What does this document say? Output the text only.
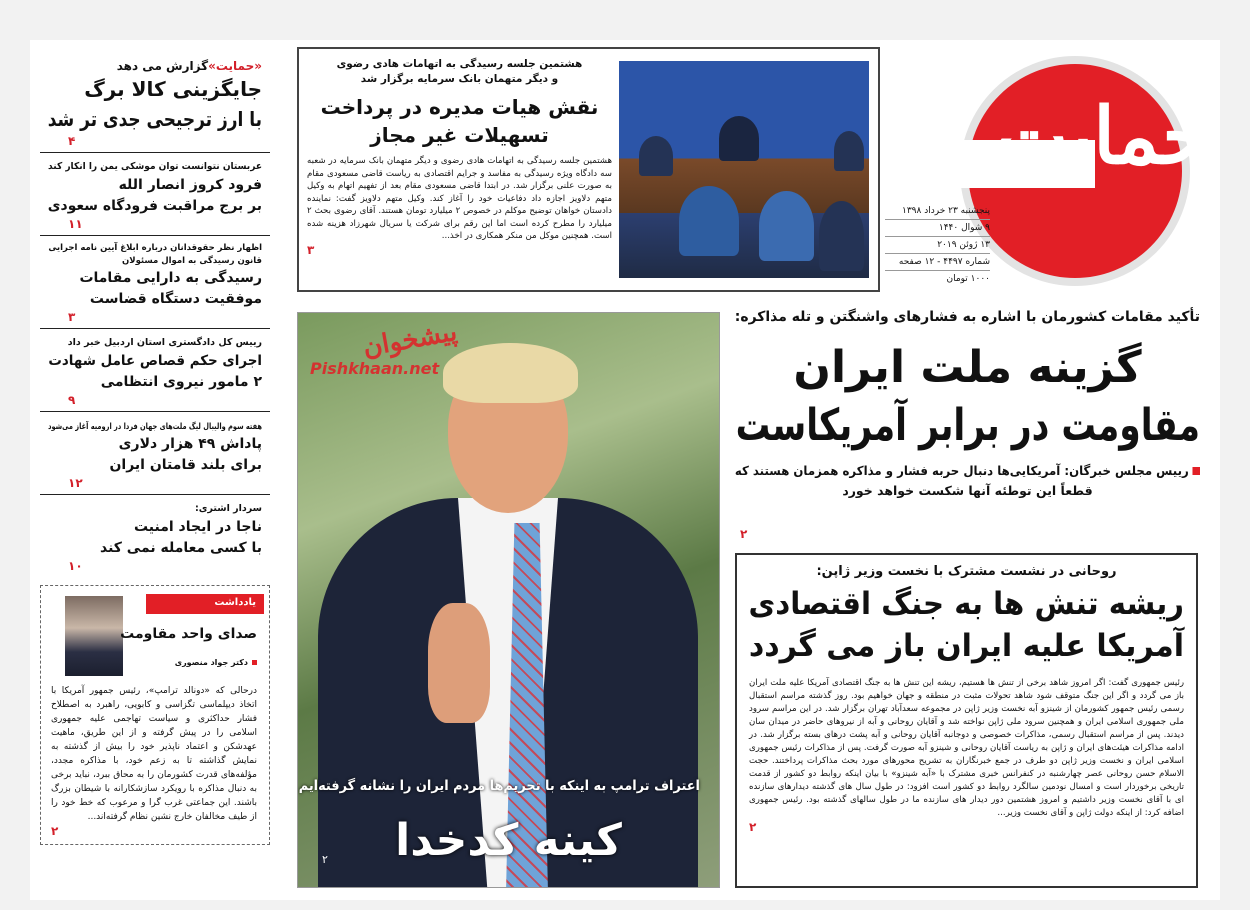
حمایت
پنجشنبه ۲۳ خرداد ۱۳۹۸
۹ شوال ۱۴۴۰
۱۳ ژوئن ۲۰۱۹
شماره ۴۴۹۷ - ۱۲ صفحه
۱۰۰۰ تومان
هشتمین جلسه رسیدگی به اتهامات هادی رضوی
و دیگر متهمان بانک سرمایه برگزار شد
نقش هیات مدیره در پرداخت
تسهیلات غیر مجاز
هشتمین جلسه رسیدگی به اتهامات هادی رضوی و دیگر متهمان بانک سرمایه در شعبه سه دادگاه ویژه رسیدگی به مفاسد و جرایم اقتصادی به ریاست قاضی مسعودی مقام به صورت علنی برگزار شد. در ابتدا قاضی مسعودی مقام بعد از تفهیم اتهام به وکیل متهم دلاویز اجازه داد دفاعیات خود را آغاز کند. وکیل متهم دلاویز گفت: نماینده دادستان خواهان توضیح موکلم در خصوص ۲ میلیارد تومان هستند. آقای رضوی بحث ۲ میلیارد را مطرح کرده است اما این رقم برای شرکت یا سریال شهرزاد هزینه شده است. همچنین موکل من منکر همکاری در اخذ...
۳
«حمایت»گزارش می دهد
جایگزینی کالا برگ
با ارز ترجیحی جدی تر شد
۴
عربستان نتوانست توان موشکی یمن را انکار کند
فرود کروز انصار الله
بر برج مراقبت فرودگاه سعودی
۱۱
اظهار نظر حقوقدانان درباره ابلاغ آیین نامه اجرایی قانون رسیدگی به اموال مسئولان
رسیدگی به دارایی مقامات
موفقیت دستگاه قضاست
۳
رییس کل دادگستری استان اردبیل خبر داد
اجرای حکم قصاص عامل شهادت
۲ مامور نیروی انتظامی
۹
هفته سوم والیبال لیگ ملت‌های جهان فردا در ارومیه آغاز می‌شود
پاداش ۴۹ هزار دلاری
برای بلند قامتان ایران
۱۲
سردار اشتری:
ناجا در ایجاد امنیت
با کسی معامله نمی کند
۱۰
یادداشت
صدای واحد مقاومت
دکتر جواد منصوری
درحالی که «دونالد ترامپ»، رئیس جمهور آمریکا با اتخاذ دیپلماسی تگزاسی و کابویی، راهبرد به اصطلاح فشار حداکثری و سیاست تهاجمی علیه جمهوری اسلامی را در پیش گرفته و از این طریق، ماهیت عهدشکن و اعتماد ناپذیر خود را بیش از گذشته به نمایش گذاشته تا به زعم خود، با مذاکره مجدد، مؤلفه‌های قدرت کشورمان را به محاق ببرد، نباید برخی به دنبال مذاکره با رویکرد سازشکارانه با شیطان بزرگ باشند. این جماعتی غرب گرا و مرعوب که خط خود را از طیف مخالفان خارج نشین نظام گرفته‌اند...
۲
اعتراف ترامپ به اینکه با تحریم‌ها مردم ایران را نشانه گرفته‌ایم
کینه کدخدا
۲
پیشخوان
Pishkhaan.net
تأکید مقامات کشورمان با اشاره به فشارهای واشنگتن و تله مذاکره:
گزینه ملت ایران
مقاومت در برابر آمریکاست
رییس مجلس خبرگان: آمریکایی‌ها دنبال حربه فشار و مذاکره همزمان هستند که
قطعاً این توطئه آنها شکست خواهد خورد
۲
روحانی در نشست مشترک با نخست وزیر ژاپن:
ریشه تنش ها به جنگ اقتصادی
آمریکا علیه ایران باز می گردد
رئیس جمهوری گفت: اگر امروز شاهد برخی از تنش ها هستیم، ریشه این تنش ها به جنگ اقتصادی آمریکا علیه ملت ایران باز می گردد و اگر این جنگ متوقف شود شاهد تحولات مثبت در منطقه و جهان خواهیم بود. روز گذشته مراسم استقبال رسمی رئیس جمهور کشورمان از شینزو آبه نخست وزیر ژاپن در مجموعه سعدآباد تهران برگزار شد. در این مراسم سرود ملی جمهوری اسلامی ایران و همچنین سرود ملی ژاپن نواخته شد و آقایان روحانی و آبه از نیروهای حاضر در میدان سان دیدند. پس از مراسم استقبال رسمی، مذاکرات خصوصی و دوجانبه آقایان روحانی و آبه پشت درهای بسته برگزار شد. در ادامه مذاکرات هیئت‌های ایران و ژاپن به ریاست آقایان روحانی و شینزو آبه صورت گرفت. پس از مذاکرات رئیس جمهوری اسلامی ایران و نخست وزیر ژاپن دو طرف در جمع خبرنگاران به تشریح محورهای مورد بحث مذاکرات پرداختند. حجت الاسلام حسن روحانی عصر چهارشنبه در کنفرانس خبری مشترک با «آبه شینزو» با بیان اینکه روابط دو کشور از قدمت تاریخی برخوردار است و امسال نودمین سالگرد روابط دو کشور است افزود: در طول سال های گذشته دیدارهای سازنده ای با آقای نخست وزیر داشتیم و امروز هشتمین دور دیدار های سازنده ما در طول سالهای گذشته بود. رئیس جمهوری اضافه کرد: از اینکه دولت ژاپن و آقای نخست وزیر...
۲
